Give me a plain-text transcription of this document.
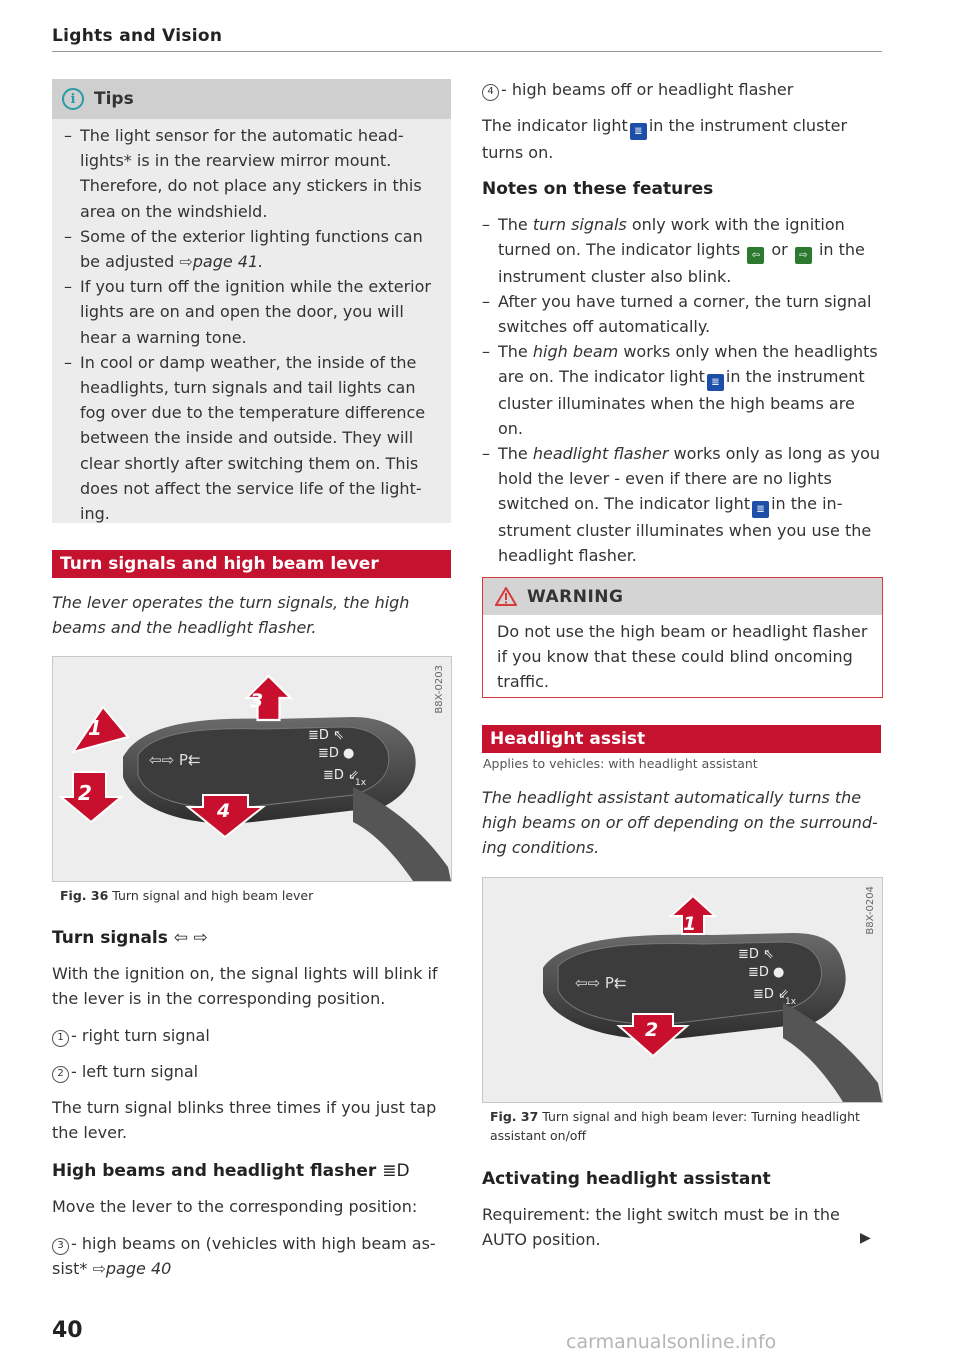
Lights and Vision
i	Tips
– The light sensor for the automatic headlights* is in the rearview mirror mount. Therefore, do not place any stickers in this area on the windshield.
– Some of the exterior lighting functions can be adjusted ⇨page 41.
– If you turn off the ignition while the exterior lights are on and open the door, you will hear a warning tone.
– In cool or damp weather, the inside of the headlights, turn signals and tail lights can fog over due to the temperature difference between the inside and outside. They will clear shortly after switching them on. This does not affect the service life of the lighting.
Turn signals and high beam lever
The lever operates the turn signals, the high beams and the headlight flasher.
⇦⇨ P⇇
≣D ⇖
≣D ●
≣D ⇙
1x
1
2
3
4
B8X-0203
Fig. 36 Turn signal and high beam lever
Turn signals ⇦ ⇨
With the ignition on, the signal lights will blink if the lever is in the corresponding position.
1 - right turn signal
2 - left turn signal
The turn signal blinks three times if you just tap the lever.
High beams and headlight flasher ≣D
Move the lever to the corresponding position:
3 - high beams on (vehicles with high beam assist* ⇨page 40
4 - high beams off or headlight flasher
The indicator light ≣ in the instrument cluster turns on.
Notes on these features
– The turn signals only work with the ignition turned on. The indicator lights ⇦ or ⇨ in the instrument cluster also blink.
– After you have turned a corner, the turn signal switches off automatically.
– The high beam works only when the headlights are on. The indicator light ≣ in the instrument cluster illuminates when the high beams are on.
– The headlight flasher works only as long as you hold the lever - even if there are no lights switched on. The indicator light ≣ in the instrument cluster illuminates when you use the headlight flasher.
WARNING
Do not use the high beam or headlight flasher if you know that these could blind oncoming traffic.
Headlight assist
Applies to vehicles: with headlight assistant
The headlight assistant automatically turns the high beams on or off depending on the surrounding conditions.
⇦⇨ P⇇
≣D ⇖
≣D ●
≣D ⇙
1x
1
2
B8X-0204
Fig. 37 Turn signal and high beam lever: Turning headlight assistant on/off
Activating headlight assistant
Requirement: the light switch must be in the AUTO position.	▶
40	carmanualsonline.info
